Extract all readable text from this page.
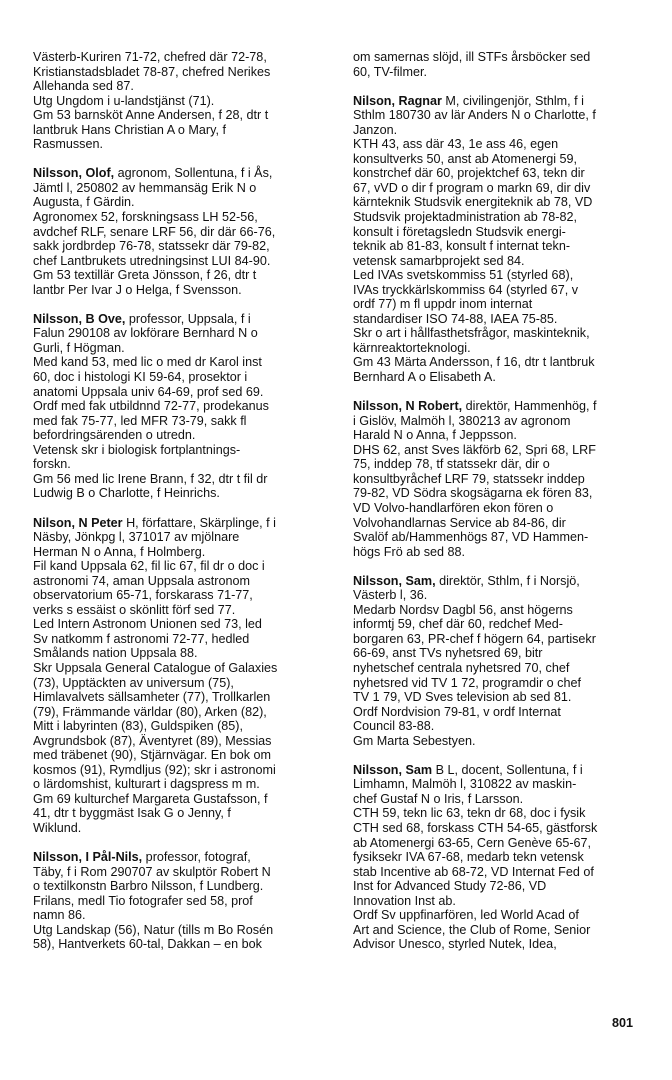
Västerb-Kuriren 71-72, chefred där 72-78,
Kristianstadsbladet 78-87, chefred Nerikes
Allehanda sed 87.
Utg Ungdom i u-landstjänst (71).
Gm 53 barnsköt Anne Andersen, f 28, dtr t
lantbruk Hans Christian A o Mary, f
Rasmussen.
Nilsson, Olof, agronom, Sollentuna, f i Ås,
Jämtl l, 250802 av hemmansäg Erik N o
Augusta, f Gärdin.
Agronomex 52, forskningsass LH 52-56,
avdchef RLF, senare LRF 56, dir där 66-76,
sakk jordbrdep 76-78, statssekr där 79-82,
chef Lantbrukets utredningsinst LUI 84-90.
Gm 53 textillär Greta Jönsson, f 26, dtr t
lantbr Per Ivar J o Helga, f Svensson.
Nilsson, B Ove, professor, Uppsala, f i
Falun 290108 av lokförare Bernhard N o
Gurli, f Högman.
Med kand 53, med lic o med dr Karol inst
60, doc i histologi KI 59-64, prosektor i
anatomi Uppsala univ 64-69, prof sed 69.
Ordf med fak utbildnnd 72-77, prodekanus
med fak 75-77, led MFR 73-79, sakk fl
befordringsärenden o utredn.
Vetensk skr i biologisk fortplantnings-
forskn.
Gm 56 med lic Irene Brann, f 32, dtr t fil dr
Ludwig B o Charlotte, f Heinrichs.
Nilson, N Peter H, författare, Skärplinge, f i
Näsby, Jönkpg l, 371017 av mjölnare
Herman N o Anna, f Holmberg.
Fil kand Uppsala 62, fil lic 67, fil dr o doc i
astronomi 74, aman Uppsala astronom
observatorium 65-71, forskarass 71-77,
verks s essäist o skönlitt förf sed 77.
Led Intern Astronom Unionen sed 73, led
Sv natkomm f astronomi 72-77, hedled
Smålands nation Uppsala 88.
Skr Uppsala General Catalogue of Galaxies
(73), Upptäckten av universum (75),
Himlavalvets sällsamheter (77), Trollkarlen
(79), Främmande världar (80), Arken (82),
Mitt i labyrinten (83), Guldspiken (85),
Avgrundsbok (87), Äventyret (89), Messias
med träbenet (90), Stjärnvägar. En bok om
kosmos (91), Rymdljus (92); skr i astronomi
o lärdomshist, kulturart i dagspress m m.
Gm 69 kulturchef Margareta Gustafsson, f
41, dtr t byggmäst Isak G o Jenny, f
Wiklund.
Nilsson, I Pål-Nils, professor, fotograf,
Täby, f i Rom 290707 av skulptör Robert N
o textilkonstn Barbro Nilsson, f Lundberg.
Frilans, medl Tio fotografer sed 58, prof
namn 86.
Utg Landskap (56), Natur (tills m Bo Rosén
58), Hantverkets 60-tal, Dakkan – en bok
om samernas slöjd, ill STFs årsböcker sed
60, TV-filmer.
Nilson, Ragnar M, civilingenjör, Sthlm, f i
Sthlm 180730 av lär Anders N o Charlotte, f
Janzon.
KTH 43, ass där 43, 1e ass 46, egen
konsultverks 50, anst ab Atomenergi 59,
konstrchef där 60, projektchef 63, tekn dir
67, vVD o dir f program o markn 69, dir div
kärnteknik Studsvik energiteknik ab 78, VD
Studsvik projektadministration ab 78-82,
konsult i företagsledn Studsvik energi-
teknik ab 81-83, konsult f internat tekn-
vetensk samarbprojekt sed 84.
Led IVAs svetskommiss 51 (styrled 68),
IVAs tryckkärlskommiss 64 (styrled 67, v
ordf 77) m fl uppdr inom internat
standardiser ISO 74-88, IAEA 75-85.
Skr o art i hållfasthetsfrågor, maskinteknik,
kärnreaktorteknologi.
Gm 43 Märta Andersson, f 16, dtr t lantbruk
Bernhard A o Elisabeth A.
Nilsson, N Robert, direktör, Hammenhög, f
i Gislöv, Malmöh l, 380213 av agronom
Harald N o Anna, f Jeppsson.
DHS 62, anst Sves läkförb 62, Spri 68, LRF
75, inddep 78, tf statssekr där, dir o
konsultbyråchef LRF 79, statssekr inddep
79-82, VD Södra skogsägarna ek fören 83,
VD Volvo-handlarfören ekon fören o
Volvohandlarnas Service ab 84-86, dir
Svalöf ab/Hammenhögs 87, VD Hammen-
högs Frö ab sed 88.
Nilsson, Sam, direktör, Sthlm, f i Norsjö,
Västerb l, 36.
Medarb Nordsv Dagbl 56, anst högerns
informtj 59, chef där 60, redchef Med-
borgaren 63, PR-chef f högern 64, partisekr
66-69, anst TVs nyhetsred 69, bitr
nyhetschef centrala nyhetsred 70, chef
nyhetsred vid TV 1 72, programdir o chef
TV 1 79, VD Sves television ab sed 81.
Ordf Nordvision 79-81, v ordf Internat
Council 83-88.
Gm Marta Sebestyen.
Nilsson, Sam B L, docent, Sollentuna, f i
Limhamn, Malmöh l, 310822 av maskin-
chef Gustaf N o Iris, f Larsson.
CTH 59, tekn lic 63, tekn dr 68, doc i fysik
CTH sed 68, forskass CTH 54-65, gästforsk
ab Atomenergi 63-65, Cern Genève 65-67,
fysiksekr IVA 67-68, medarb tekn vetensk
stab Incentive ab 68-72, VD Internat Fed of
Inst for Advanced Study 72-86, VD
Innovation Inst ab.
Ordf Sv uppfinarfören, led World Acad of
Art and Science, the Club of Rome, Senior
Advisor Unesco, styrled Nutek, Idea,
801
